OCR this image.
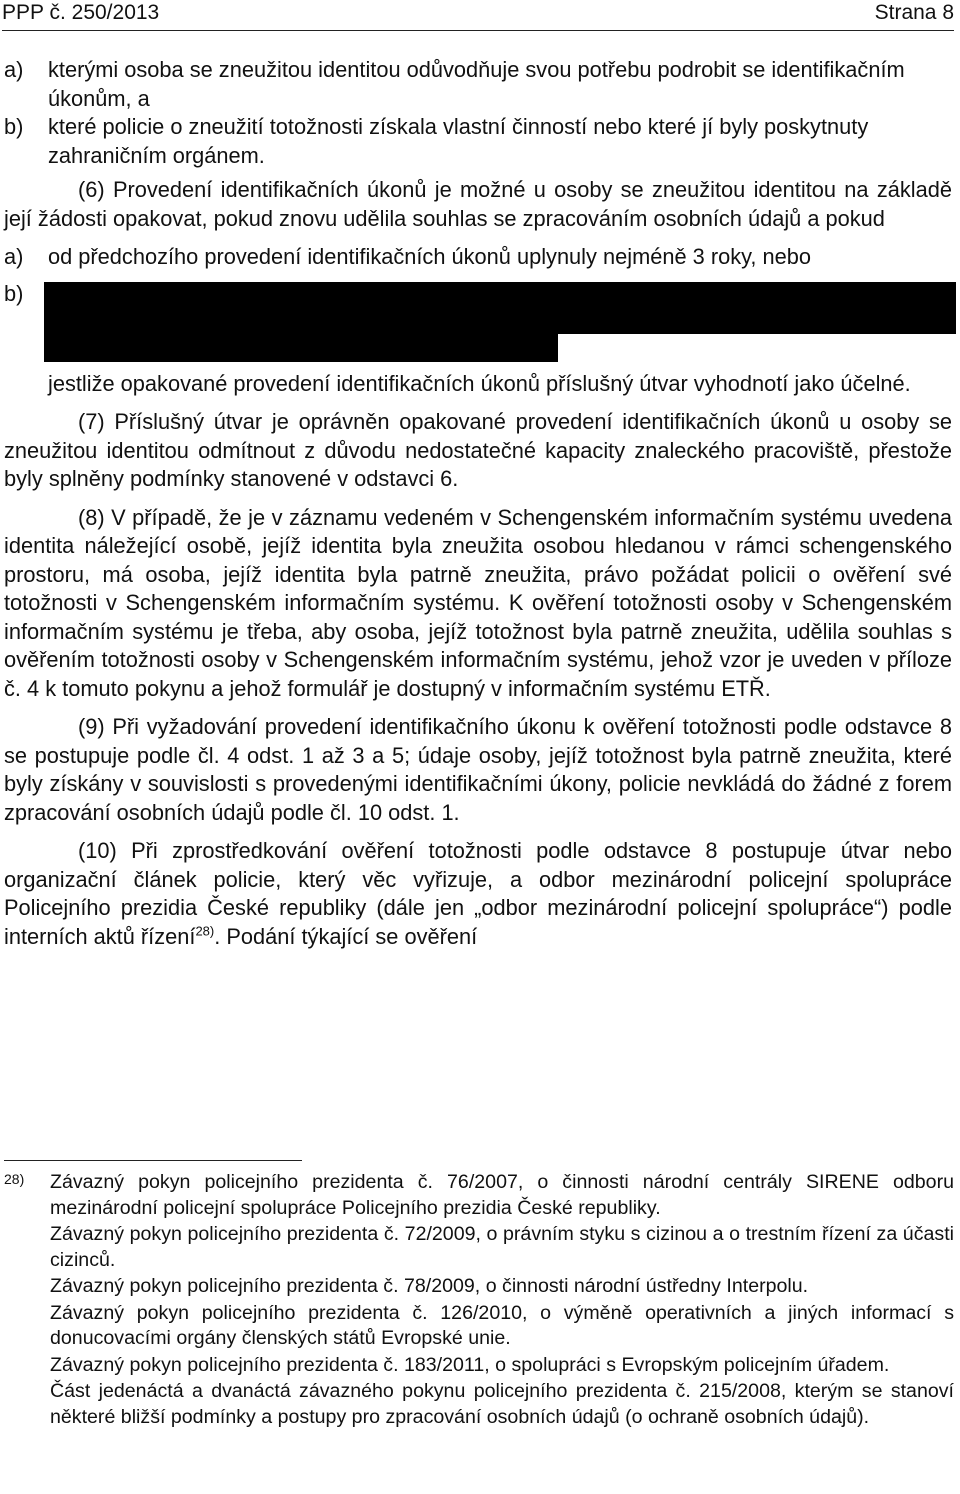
PPP č. 250/2013	Strana 8
a) kterými osoba se zneužitou identitou odůvodňuje svou potřebu podrobit se identifikačním úkonům, a
b) které policie o zneužití totožnosti získala vlastní činností nebo které jí byly poskytnuty zahraničním orgánem.
(6) Provedení identifikačních úkonů je možné u osoby se zneužitou identitou na základě její žádosti opakovat, pokud znovu udělila souhlas se zpracováním osobních údajů a pokud
a) od předchozího provedení identifikačních úkonů uplynuly nejméně 3 roky, nebo
b)
jestliže opakované provedení identifikačních úkonů příslušný útvar vyhodnotí jako účelné.
(7) Příslušný útvar je oprávněn opakované provedení identifikačních úkonů u osoby se zneužitou identitou odmítnout z důvodu nedostatečné kapacity znaleckého pracoviště, přestože byly splněny podmínky stanovené v odstavci 6.
(8) V případě, že je v záznamu vedeném v Schengenském informačním systému uvedena identita náležející osobě, jejíž identita byla zneužita osobou hledanou v rámci schengenského prostoru, má osoba, jejíž identita byla patrně zneužita, právo požádat policii o ověření své totožnosti v Schengenském informačním systému. K ověření totožnosti osoby v Schengenském informačním systému je třeba, aby osoba, jejíž totožnost byla patrně zneužita, udělila souhlas s ověřením totožnosti osoby v Schengenském informačním systému, jehož vzor je uveden v příloze č. 4 k tomuto pokynu a jehož formulář je dostupný v informačním systému ETŘ.
(9) Při vyžadování provedení identifikačního úkonu k ověření totožnosti podle odstavce 8 se postupuje podle čl. 4 odst. 1 až 3 a 5; údaje osoby, jejíž totožnost byla patrně zneužita, které byly získány v souvislosti s provedenými identifikačními úkony, policie nevkládá do žádné z forem zpracování osobních údajů podle čl. 10 odst. 1.
(10) Při zprostředkování ověření totožnosti podle odstavce 8 postupuje útvar nebo organizační článek policie, který věc vyřizuje, a odbor mezinárodní policejní spolupráce Policejního prezidia České republiky (dále jen „odbor mezinárodní policejní spolupráce“) podle interních aktů řízení$^{28)}$. Podání týkající se ověření
28) Závazný pokyn policejního prezidenta č. 76/2007, o činnosti národní centrály SIRENE odboru mezinárodní policejní spolupráce Policejního prezidia České republiky.
Závazný pokyn policejního prezidenta č. 72/2009, o právním styku s cizinou a o trestním řízení za účasti cizinců.
Závazný pokyn policejního prezidenta č. 78/2009, o činnosti národní ústředny Interpolu.
Závazný pokyn policejního prezidenta č. 126/2010, o výměně operativních a jiných informací s donucovacími orgány členských států Evropské unie.
Závazný pokyn policejního prezidenta č. 183/2011, o spolupráci s Evropským policejním úřadem.
Část jedenáctá a dvanáctá závazného pokynu policejního prezidenta č. 215/2008, kterým se stanoví některé bližší podmínky a postupy pro zpracování osobních údajů (o ochraně osobních údajů).
